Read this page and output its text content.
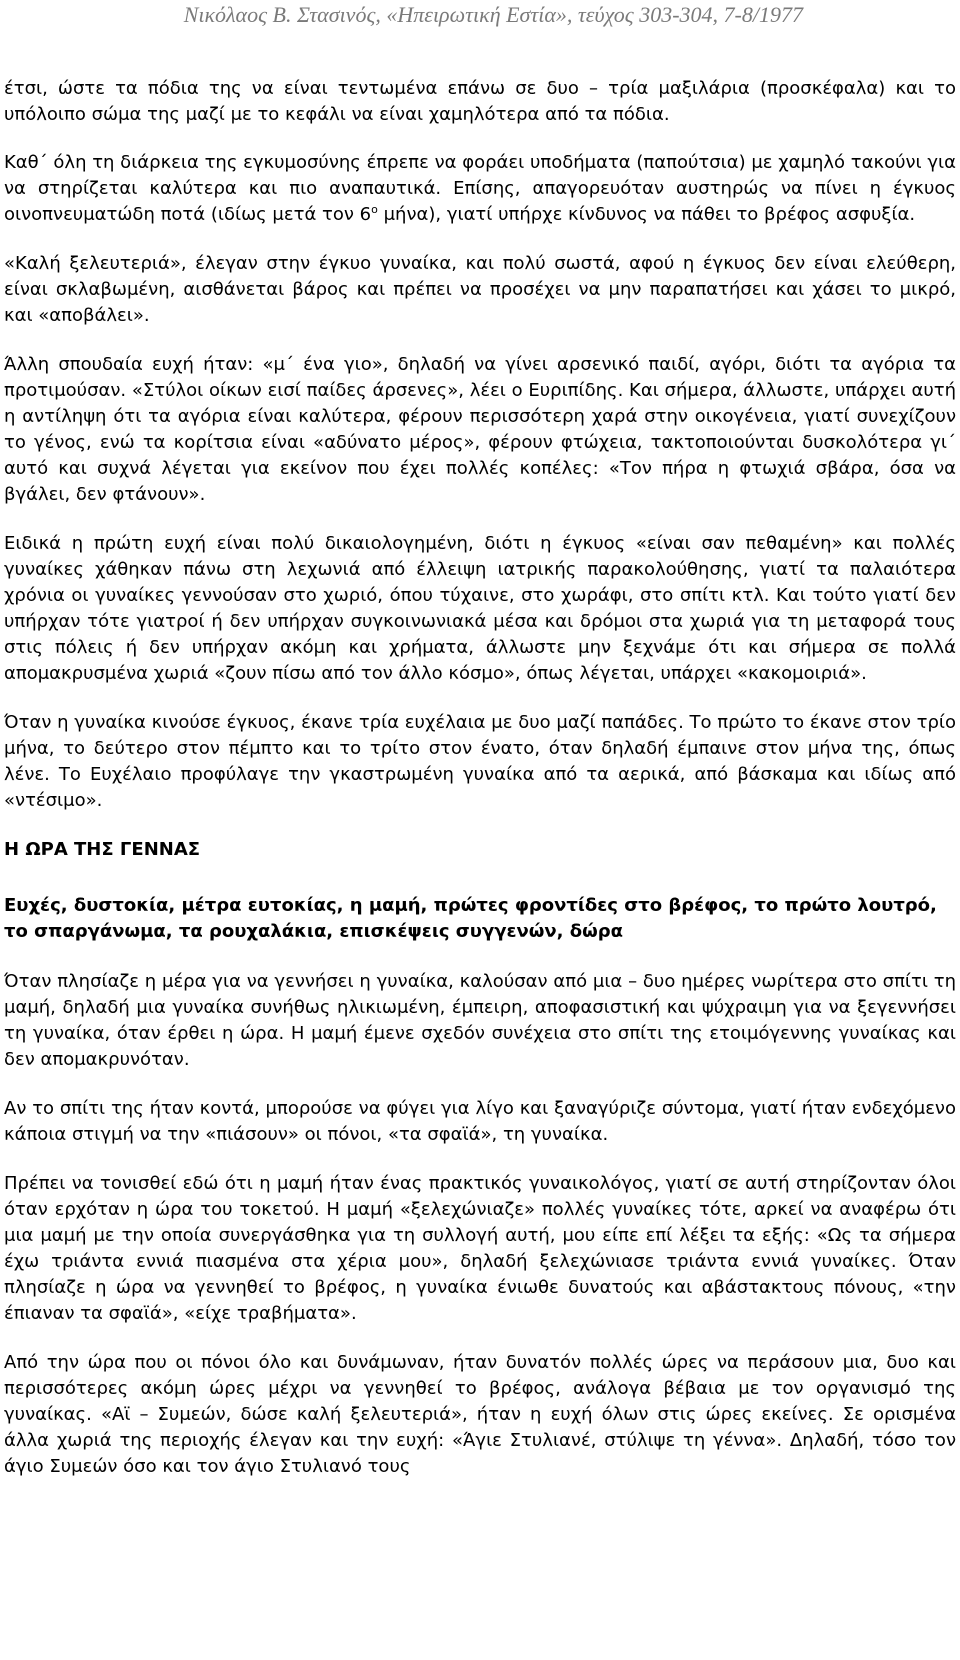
Νικόλαος Β. Στασινός, «Ηπειρωτική Εστία», τεύχος 303-304, 7-8/1977

έτσι, ώστε τα πόδια της να είναι τεντωμένα επάνω σε δυο – τρία μαξιλάρια (προσκέφαλα) και το υπόλοιπο σώμα της μαζί με το κεφάλι να είναι χαμηλότερα από τα πόδια.

Καθ΄ όλη τη διάρκεια της εγκυμοσύνης έπρεπε να φοράει υποδήματα (παπούτσια) με χαμηλό τακούνι για να στηρίζεται καλύτερα και πιο αναπαυτικά. Επίσης, απαγορευόταν αυστηρώς να πίνει η έγκυος οινοπνευματώδη ποτά (ιδίως μετά τον $6^o$ μήνα), γιατί υπήρχε κίνδυνος να πάθει το βρέφος ασφυξία.

«Καλή ξελευτεριά», έλεγαν στην έγκυο γυναίκα, και πολύ σωστά, αφού η έγκυος δεν είναι ελεύθερη, είναι σκλαβωμένη, αισθάνεται βάρος και πρέπει να προσέχει να μην παραπατήσει και χάσει το μικρό, και «αποβάλει».

Άλλη σπουδαία ευχή ήταν: «μ΄ ένα γιο», δηλαδή να γίνει αρσενικό παιδί, αγόρι, διότι τα αγόρια τα προτιμούσαν. «Στύλοι οίκων εισί παίδες άρσενες», λέει ο Ευριπίδης. Και σήμερα, άλλωστε, υπάρχει αυτή η αντίληψη ότι τα αγόρια είναι καλύτερα, φέρουν περισσότερη χαρά στην οικογένεια, γιατί συνεχίζουν το γένος, ενώ τα κορίτσια είναι «αδύνατο μέρος», φέρουν φτώχεια, τακτοποιούνται δυσκολότερα γι΄ αυτό και συχνά λέγεται για εκείνον που έχει πολλές κοπέλες: «Τον πήρα η φτωχιά σβάρα, όσα να βγάλει, δεν φτάνουν».

Ειδικά η πρώτη ευχή είναι πολύ δικαιολογημένη, διότι η έγκυος «είναι σαν πεθαμένη» και πολλές γυναίκες χάθηκαν πάνω στη λεχωνιά από έλλειψη ιατρικής παρακολούθησης, γιατί τα παλαιότερα χρόνια οι γυναίκες γεννούσαν στο χωριό, όπου τύχαινε, στο χωράφι, στο σπίτι κτλ. Και τούτο γιατί δεν υπήρχαν τότε γιατροί ή δεν υπήρχαν συγκοινωνιακά μέσα και δρόμοι στα χωριά για τη μεταφορά τους στις πόλεις ή δεν υπήρχαν ακόμη και χρήματα, άλλωστε μην ξεχνάμε ότι και σήμερα σε πολλά απομακρυσμένα χωριά «ζουν πίσω από τον άλλο κόσμο», όπως λέγεται, υπάρχει «κακομοιριά».

Όταν η γυναίκα κινούσε έγκυος, έκανε τρία ευχέλαια με δυο μαζί παπάδες. Το πρώτο το έκανε στον τρίο μήνα, το δεύτερο στον πέμπτο και το τρίτο στον ένατο, όταν δηλαδή έμπαινε στον μήνα της, όπως λένε. Το Ευχέλαιο προφύλαγε την γκαστρωμένη γυναίκα από τα αερικά, από βάσκαμα και ιδίως από «ντέσιμο».

Η ΩΡΑ ΤΗΣ ΓΕΝΝΑΣ
Ευχές, δυστοκία, μέτρα ευτοκίας, η μαμή, πρώτες φροντίδες στο βρέφος, το πρώτο λουτρό, το σπαργάνωμα, τα ρουχαλάκια, επισκέψεις συγγενών, δώρα

Όταν πλησίαζε η μέρα για να γεννήσει η γυναίκα, καλούσαν από μια – δυο ημέρες νωρίτερα στο σπίτι τη μαμή, δηλαδή μια γυναίκα συνήθως ηλικιωμένη, έμπειρη, αποφασιστική και ψύχραιμη για να ξεγεννήσει τη γυναίκα, όταν έρθει η ώρα. Η μαμή έμενε σχεδόν συνέχεια στο σπίτι της ετοιμόγεννης γυναίκας και δεν απομακρυνόταν.

Αν το σπίτι της ήταν κοντά, μπορούσε να φύγει για λίγο και ξαναγύριζε σύντομα, γιατί ήταν ενδεχόμενο κάποια στιγμή να την «πιάσουν» οι πόνοι, «τα σφαϊά», τη γυναίκα.

Πρέπει να τονισθεί εδώ ότι η μαμή ήταν ένας πρακτικός γυναικολόγος, γιατί σε αυτή στηρίζονταν όλοι όταν ερχόταν η ώρα του τοκετού. Η μαμή «ξελεχώνιαζε» πολλές γυναίκες τότε, αρκεί να αναφέρω ότι μια μαμή με την οποία συνεργάσθηκα για τη συλλογή αυτή, μου είπε επί λέξει τα εξής: «Ως τα σήμερα έχω τριάντα εννιά πιασμένα στα χέρια μου», δηλαδή ξελεχώνιασε τριάντα εννιά γυναίκες. Όταν πλησίαζε η ώρα να γεννηθεί το βρέφος, η γυναίκα ένιωθε δυνατούς και αβάστακτους πόνους, «την έπιαναν τα σφαϊά», «είχε τραβήματα».

Από την ώρα που οι πόνοι όλο και δυνάμωναν, ήταν δυνατόν πολλές ώρες να περάσουν μια, δυο και περισσότερες ακόμη ώρες μέχρι να γεννηθεί το βρέφος, ανάλογα βέβαια με τον οργανισμό της γυναίκας. «Αϊ – Συμεών, δώσε καλή ξελευτεριά», ήταν η ευχή όλων στις ώρες εκείνες. Σε ορισμένα άλλα χωριά της περιοχής έλεγαν και την ευχή: «Άγιε Στυλιανέ, στύλιψε τη γέννα». Δηλαδή, τόσο τον άγιο Συμεών όσο και τον άγιο Στυλιανό τους
